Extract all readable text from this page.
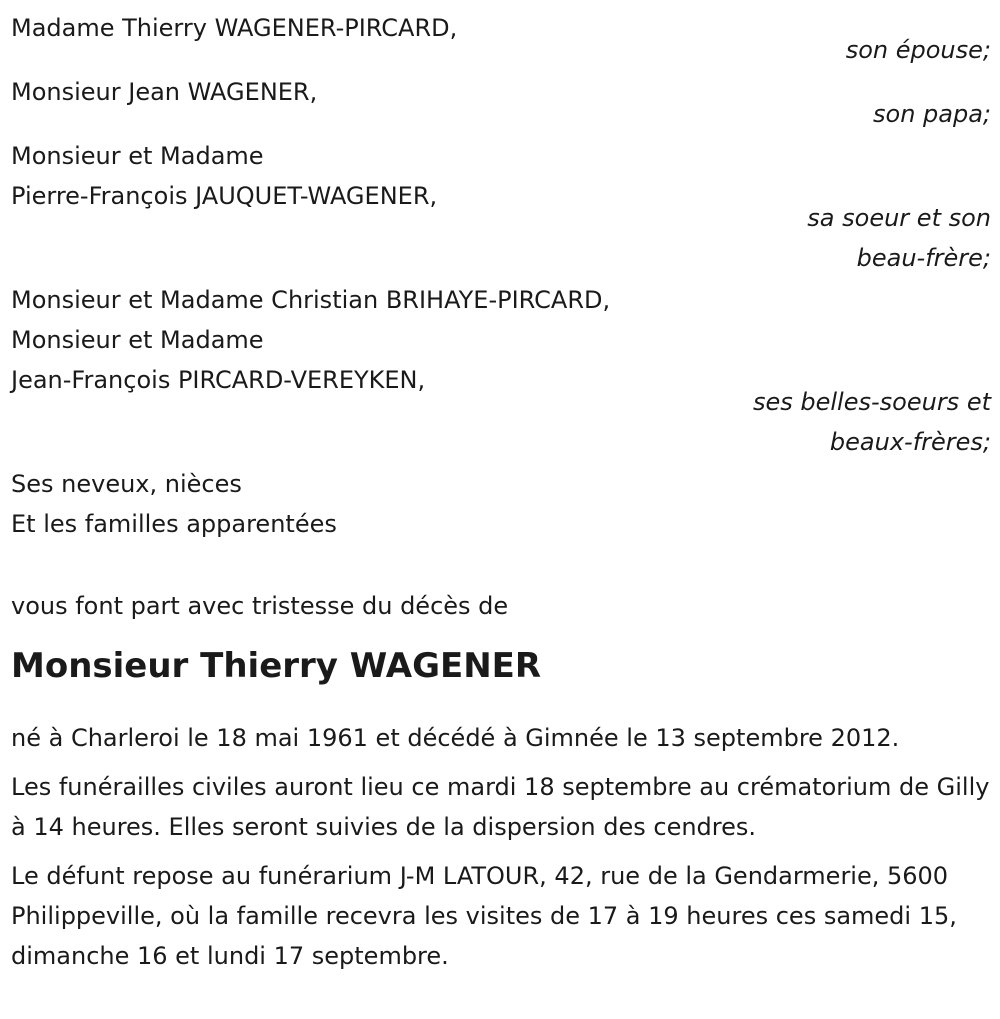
Madame Thierry WAGENER-PIRCARD,
son épouse;
Monsieur Jean WAGENER,
son papa;
Monsieur et Madame
Pierre-François JAUQUET-WAGENER,
sa soeur et son
beau-frère;
Monsieur et Madame Christian BRIHAYE-PIRCARD,
Monsieur et Madame
Jean-François PIRCARD-VEREYKEN,
ses belles-soeurs et
beaux-frères;
Ses neveux, nièces
Et les familles apparentées
vous font part avec tristesse du décès de
Monsieur Thierry WAGENER
né à Charleroi le 18 mai 1961 et décédé à Gimnée le 13 septembre 2012.
Les funérailles civiles auront lieu ce mardi 18 septembre au crématorium de Gilly à 14 heures. Elles seront suivies de la dispersion des cendres.
Le défunt repose au funérarium J-M LATOUR, 42, rue de la Gendarmerie, 5600 Philippeville, où la famille recevra les visites de 17 à 19 heures ces samedi 15, dimanche 16 et lundi 17 septembre.
